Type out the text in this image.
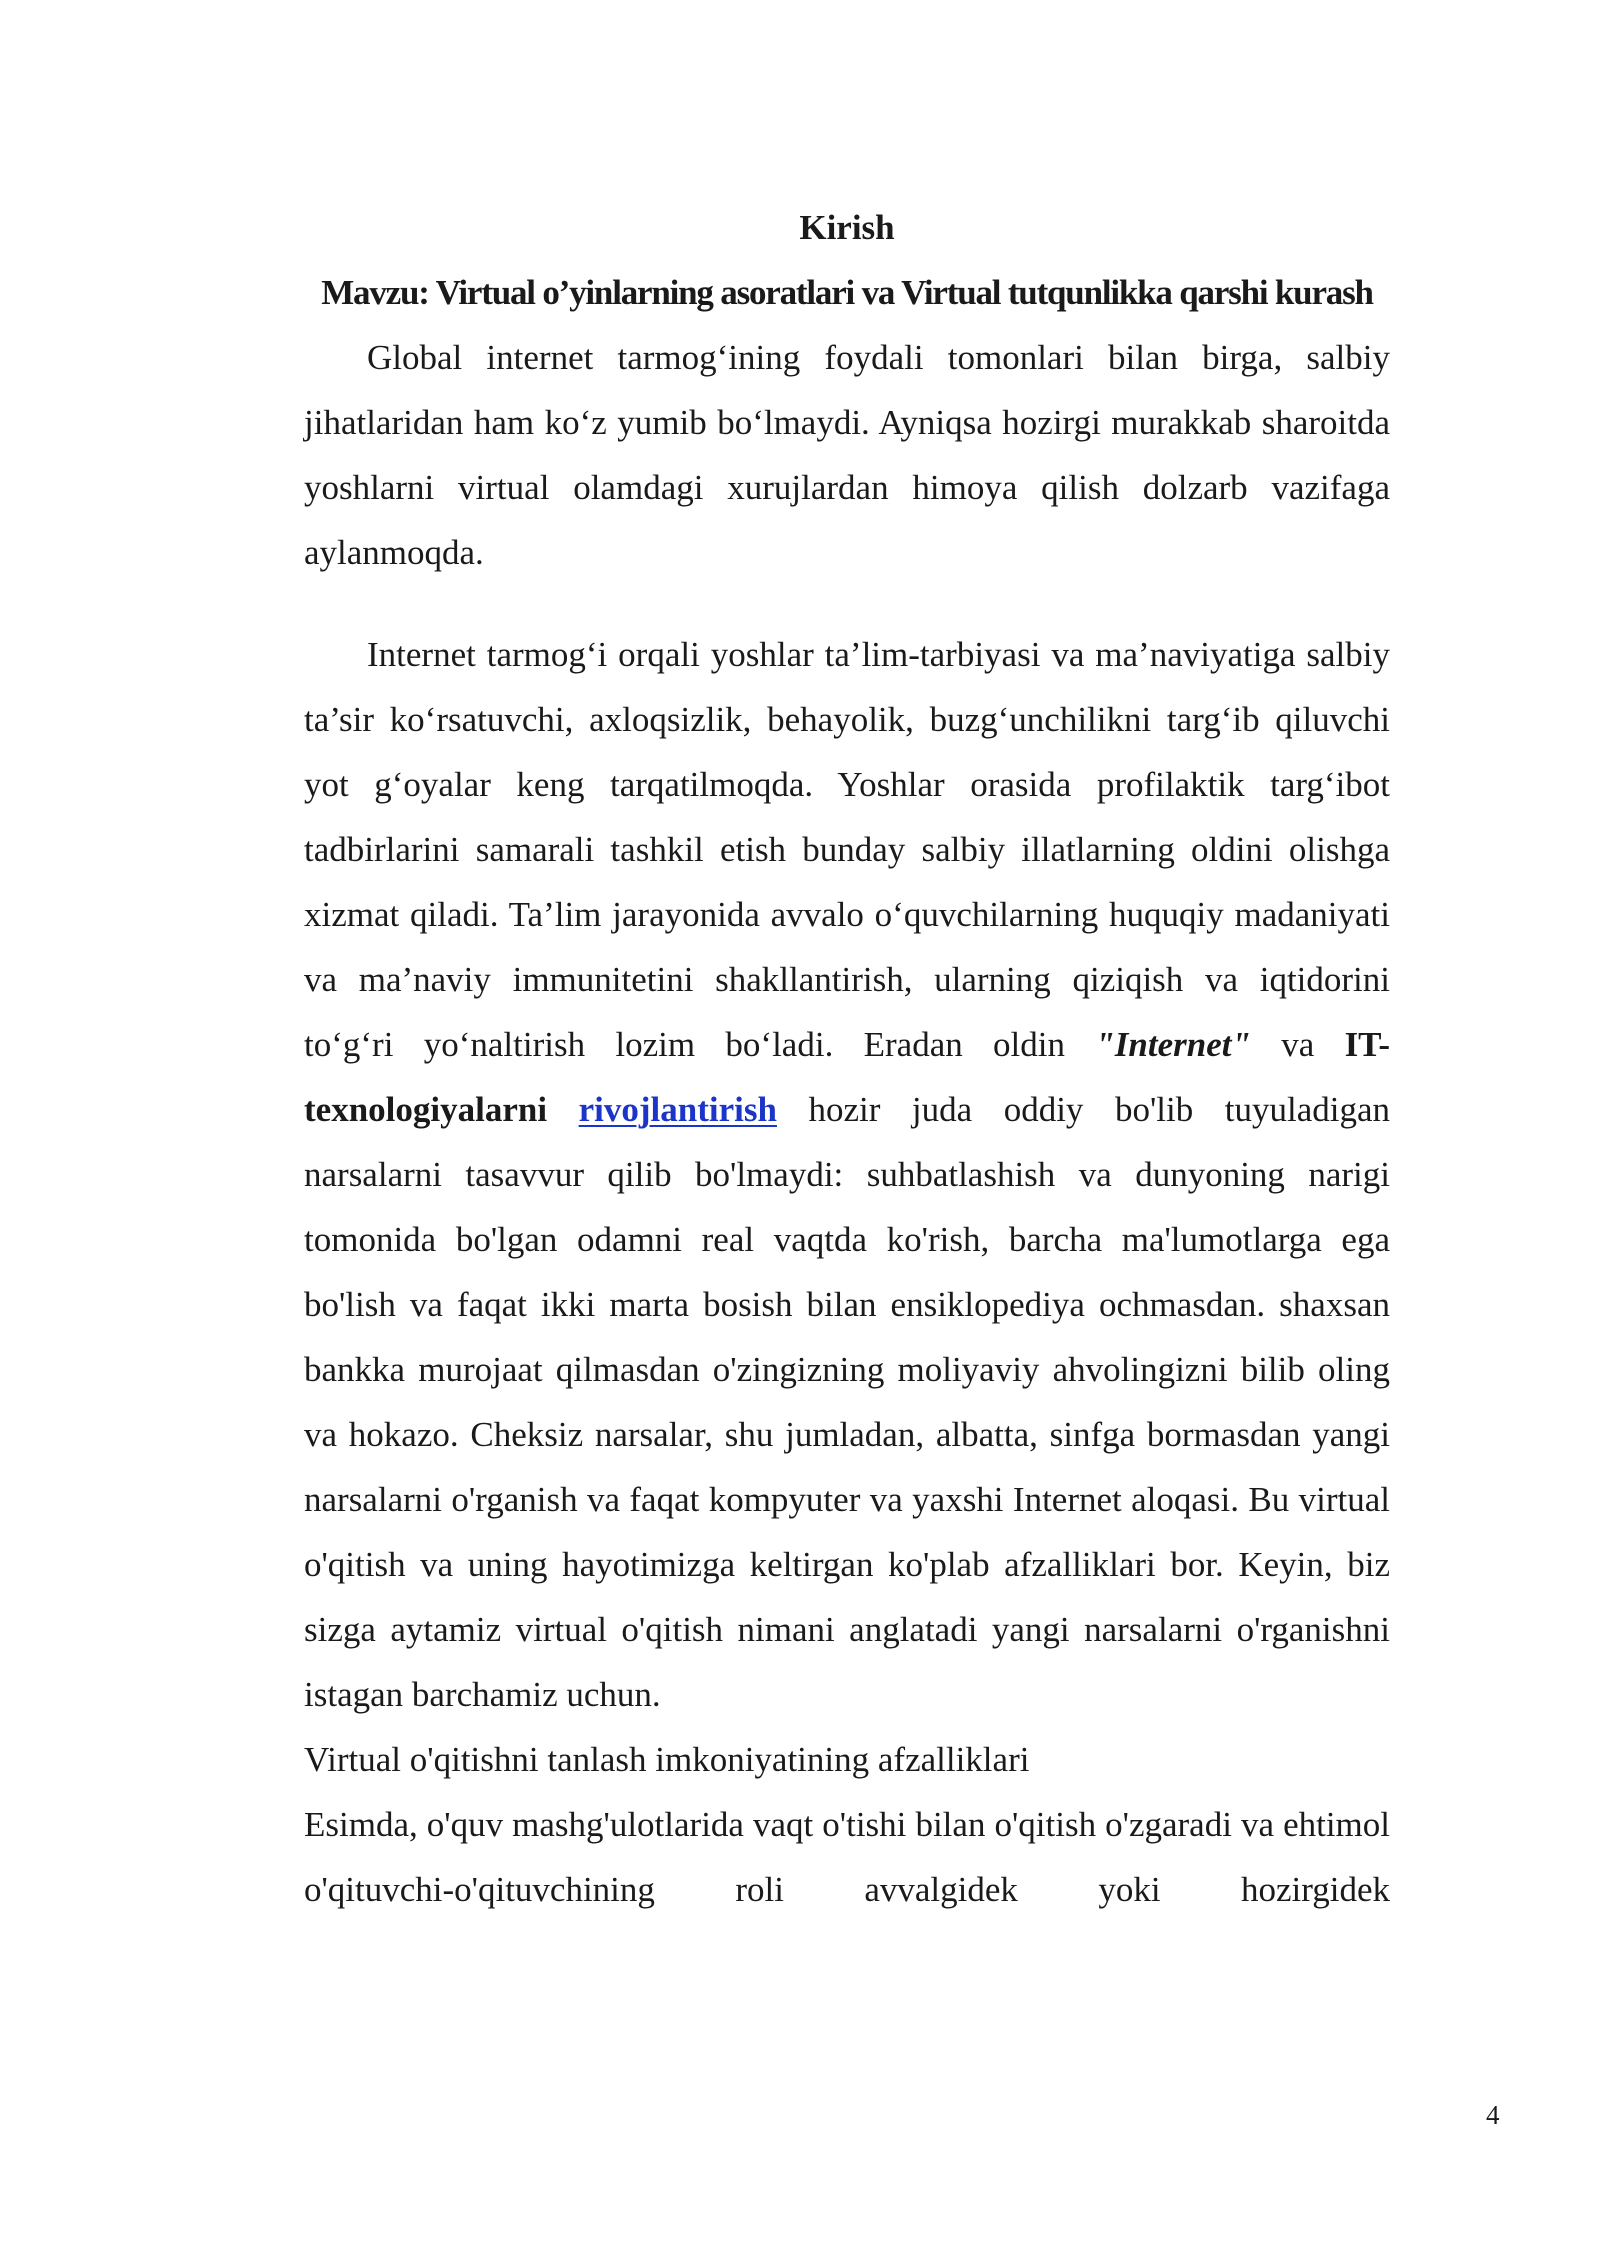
Kirish

Mavzu: Virtual o’yinlarning asoratlari va Virtual tutqunlikka qarshi kurash

Global internet tarmog‘ining foydali tomonlari bilan birga, salbiy jihatlaridan ham ko‘z yumib bo‘lmaydi. Ayniqsa hozirgi murakkab sharoitda yoshlarni virtual olamdagi xurujlardan himoya qilish dolzarb vazifaga aylanmoqda.

Internet tarmog‘i orqali yoshlar ta’lim-tarbiyasi va ma’naviyatiga salbiy ta’sir ko‘rsatuvchi, axloqsizlik, behayolik, buzg‘unchilikni targ‘ib qiluvchi yot g‘oyalar keng tarqatilmoqda. Yoshlar orasida profilaktik targ‘ibot tadbirlarini samarali tashkil etish bunday salbiy illatlarning oldini olishga xizmat qiladi. Ta’lim jarayonida avvalo o‘quvchilarning huquqiy madaniyati va ma’naviy immunitetini shakllantirish, ularning qiziqish va iqtidorini to‘g‘ri yo‘naltirish lozim bo‘ladi. Eradan oldin "Internet" va IT-texnologiyalarni rivojlantirish hozir juda oddiy bo'lib tuyuladigan narsalarni tasavvur qilib bo'lmaydi: suhbatlashish va dunyoning narigi tomonida bo'lgan odamni real vaqtda ko'rish, barcha ma'lumotlarga ega bo'lish va faqat ikki marta bosish bilan ensiklopediya ochmasdan. shaxsan bankka murojaat qilmasdan o'zingizning moliyaviy ahvolingizni bilib oling va hokazo. Cheksiz narsalar, shu jumladan, albatta, sinfga bormasdan yangi narsalarni o'rganish va faqat kompyuter va yaxshi Internet aloqasi. Bu virtual o'qitish va uning hayotimizga keltirgan ko'plab afzalliklari bor. Keyin, biz sizga aytamiz virtual o'qitish nimani anglatadi yangi narsalarni o'rganishni istagan barchamiz uchun.

Virtual o'qitishni tanlash imkoniyatining afzalliklari

Esimda, o'quv mashg'ulotlarida vaqt o'tishi bilan o'qitish o'zgaradi va ehtimol o'qituvchi-o'qituvchining roli avvalgidek yoki hozirgidek

4
